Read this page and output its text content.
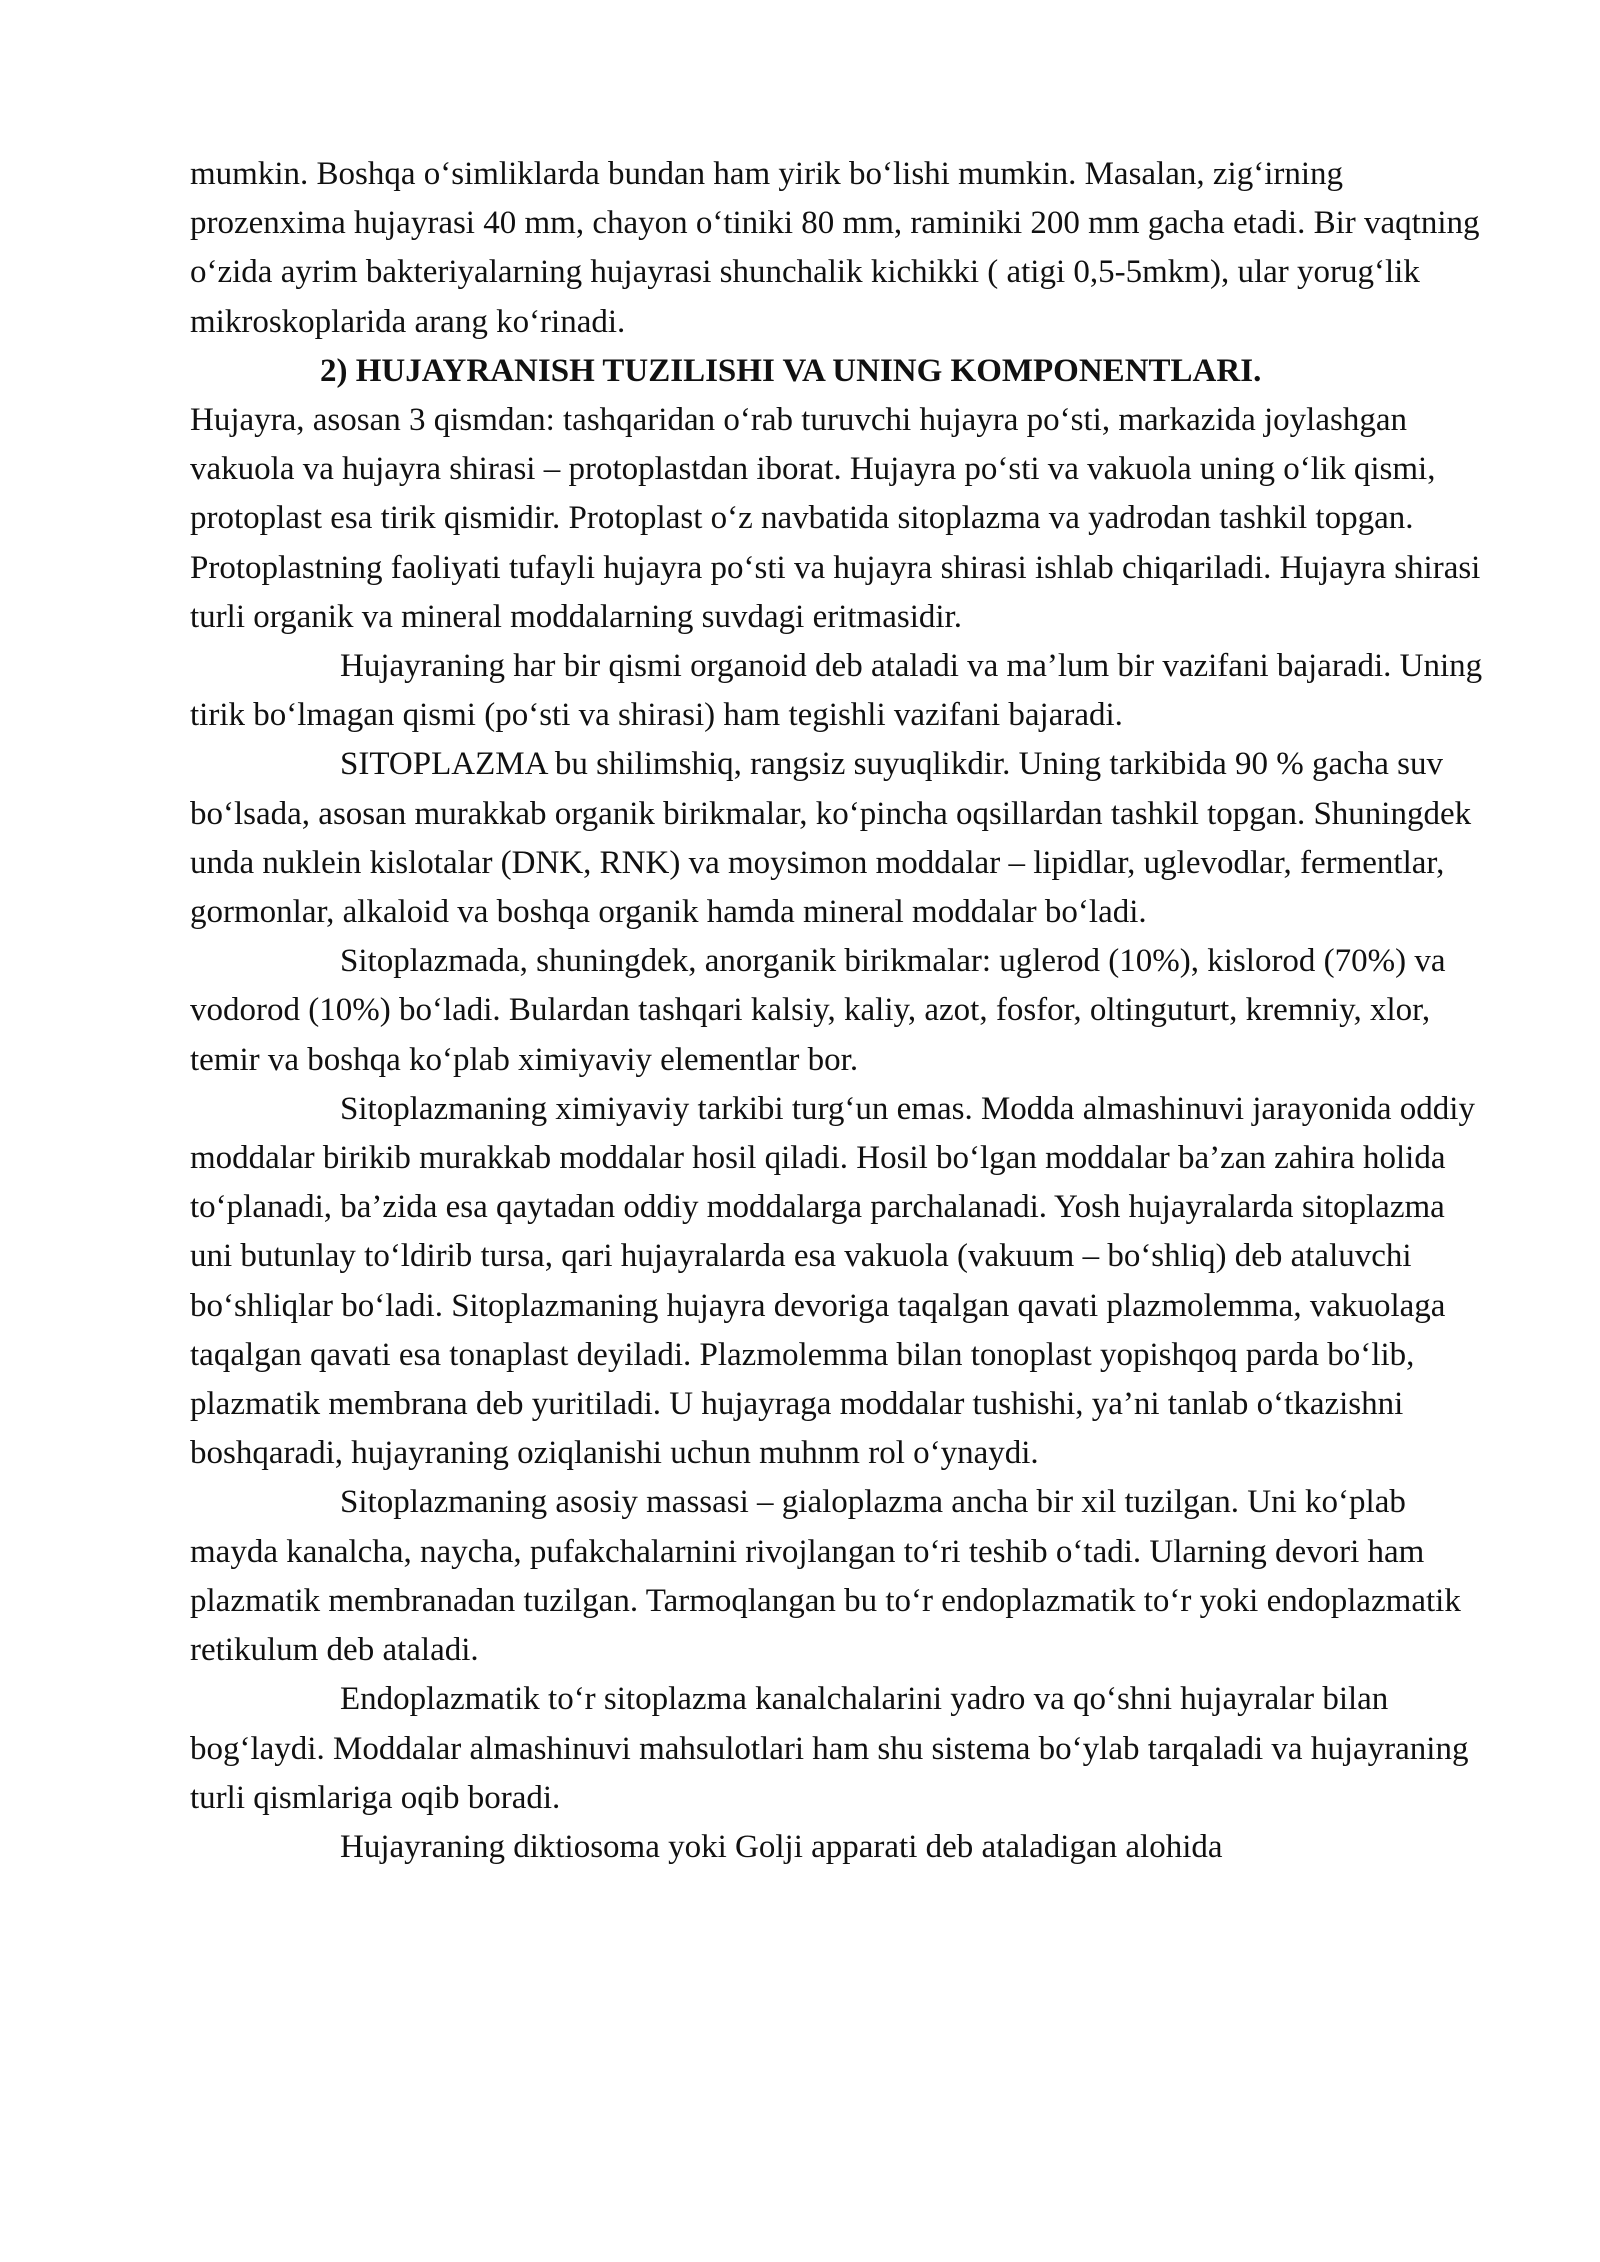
mumkin. Boshqa o‘simliklarda bundan ham yirik bo‘lishi mumkin. Masalan, zig‘irning prozenxima hujayrasi 40 mm, chayon o‘tiniki 80 mm, raminiki 200 mm gacha etadi. Bir vaqtning o‘zida ayrim bakteriyalarning hujayrasi shunchalik kichikki ( atigi 0,5-5mkm), ular yorug‘lik mikroskoplarida arang ko‘rinadi.

2) HUJAYRANISH TUZILISHI VA UNING KOMPONENTLARI.

Hujayra, asosan 3 qismdan: tashqaridan o‘rab turuvchi hujayra po‘sti, markazida joylashgan vakuola va hujayra shirasi – protoplastdan iborat. Hujayra po‘sti va vakuola uning o‘lik qismi, protoplast esa tirik qismidir. Protoplast o‘z navbatida sitoplazma va yadrodan tashkil topgan. Protoplastning faoliyati tufayli hujayra po‘sti va hujayra shirasi ishlab chiqariladi. Hujayra shirasi turli organik va mineral moddalarning suvdagi eritmasidir.

Hujayraning har bir qismi organoid deb ataladi va ma’lum bir vazifani bajaradi. Uning tirik bo‘lmagan qismi (po‘sti va shirasi) ham tegishli vazifani bajaradi.

SITOPLAZMA bu shilimshiq, rangsiz suyuqlikdir. Uning tarkibida 90 % gacha suv bo‘lsada, asosan murakkab organik birikmalar, ko‘pincha oqsillardan tashkil topgan. Shuningdek unda nuklein kislotalar (DNK, RNK) va moysimon moddalar – lipidlar, uglevodlar, fermentlar, gormonlar, alkaloid va boshqa organik hamda mineral moddalar bo‘ladi.

Sitoplazmada, shuningdek, anorganik birikmalar: uglerod (10%), kislorod (70%) va vodorod (10%) bo‘ladi. Bulardan tashqari kalsiy, kaliy, azot, fosfor, oltinguturt, kremniy, xlor, temir va boshqa ko‘plab ximiyaviy elementlar bor.

Sitoplazmaning ximiyaviy tarkibi turg‘un emas. Modda almashinuvi jarayonida oddiy moddalar birikib murakkab moddalar hosil qiladi. Hosil bo‘lgan moddalar ba’zan zahira holida to‘planadi, ba’zida esa qaytadan oddiy moddalarga parchalanadi. Yosh hujayralarda sitoplazma uni butunlay to‘ldirib tursa, qari hujayralarda esa vakuola (vakuum – bo‘shliq) deb ataluvchi bo‘shliqlar bo‘ladi. Sitoplazmaning hujayra devoriga taqalgan qavati plazmolemma, vakuolaga taqalgan qavati esa tonaplast deyiladi. Plazmolemma bilan tonoplast yopishqoq parda bo‘lib, plazmatik membrana deb yuritiladi. U hujayraga moddalar tushishi, ya’ni tanlab o‘tkazishni boshqaradi, hujayraning oziqlanishi uchun muhnm rol o‘ynaydi.

Sitoplazmaning asosiy massasi – gialoplazma ancha bir xil tuzilgan. Uni ko‘plab mayda kanalcha, naycha, pufakchalarnini rivojlangan to‘ri teshib o‘tadi. Ularning devori ham plazmatik membranadan tuzilgan. Tarmoqlangan bu to‘r endoplazmatik to‘r yoki endoplazmatik retikulum deb ataladi.

Endoplazmatik to‘r sitoplazma kanalchalarini yadro va qo‘shni hujayralar bilan bog‘laydi. Moddalar almashinuvi mahsulotlari ham shu sistema bo‘ylab tarqaladi va hujayraning turli qismlariga oqib boradi.

Hujayraning diktiosoma yoki Golji apparati deb ataladigan alohida
